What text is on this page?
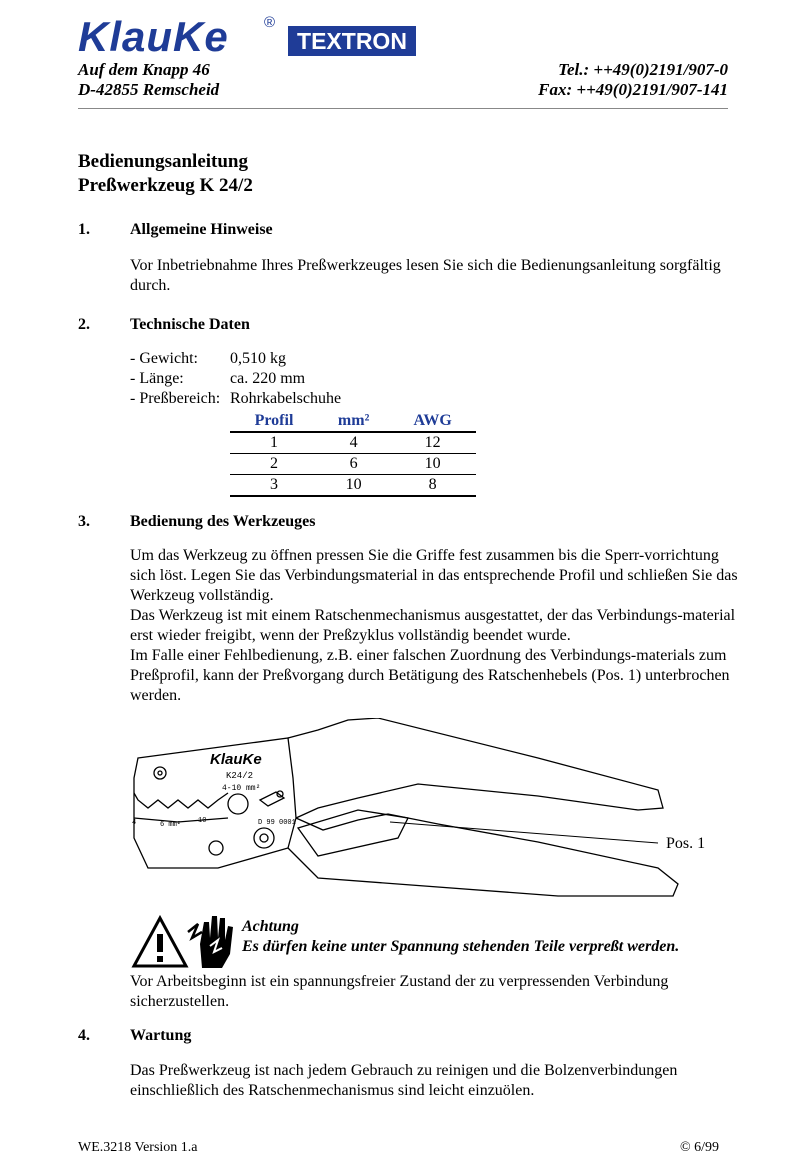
KlauKe ®
TEXTRON
Auf dem Knapp 46
D-42855 Remscheid
Tel.: ++49(0)2191/907-0
Fax: ++49(0)2191/907-141
Bedienungsanleitung
Preßwerkzeug K 24/2
1.	Allgemeine Hinweise
Vor Inbetriebnahme Ihres Preßwerkzeuges lesen Sie sich die Bedienungsanleitung sorgfältig durch.
2.	Technische Daten
- Gewicht: 0,510 kg
- Länge:	ca. 220 mm
- Preßbereich: Rohrkabelschuhe
Profil	mm²	AWG
1	4	12
2	6	10
3	10	8
3.	Bedienung des Werkzeuges

Um das Werkzeug zu öffnen pressen Sie die Griffe fest zusammen bis die Sperr-vorrichtung sich löst. Legen Sie das Verbindungsmaterial in das entsprechende Profil und schließen Sie das Werkzeug vollständig.

Das Werkzeug ist mit einem Ratschenmechanismus ausgestattet, der das Verbindungs-material erst wieder freigibt, wenn der Preßzyklus vollständig beendet wurde.

Im Falle einer Fehlbedienung, z.B. einer falschen Zuordnung des Verbindungs-materials zum Preßprofil, kann der Preßvorgang durch Betätigung des Ratschenhebels (Pos. 1) unterbrochen werden.

KlauKe
K24/2
4-10 mm²
D 99 0001
4	6 mm² 10
Pos. 1
Achtung
Es dürfen keine unter Spannung stehenden Teile verpreßt werden.
Vor Arbeitsbeginn ist ein spannungsfreier Zustand der zu verpressenden Verbindung sicherzustellen.
4.	Wartung
Das Preßwerkzeug ist nach jedem Gebrauch zu reinigen und die Bolzenverbindungen einschließlich des Ratschenmechanismus sind leicht einzuölen.
WE.3218 Version 1.a	© 6/99
